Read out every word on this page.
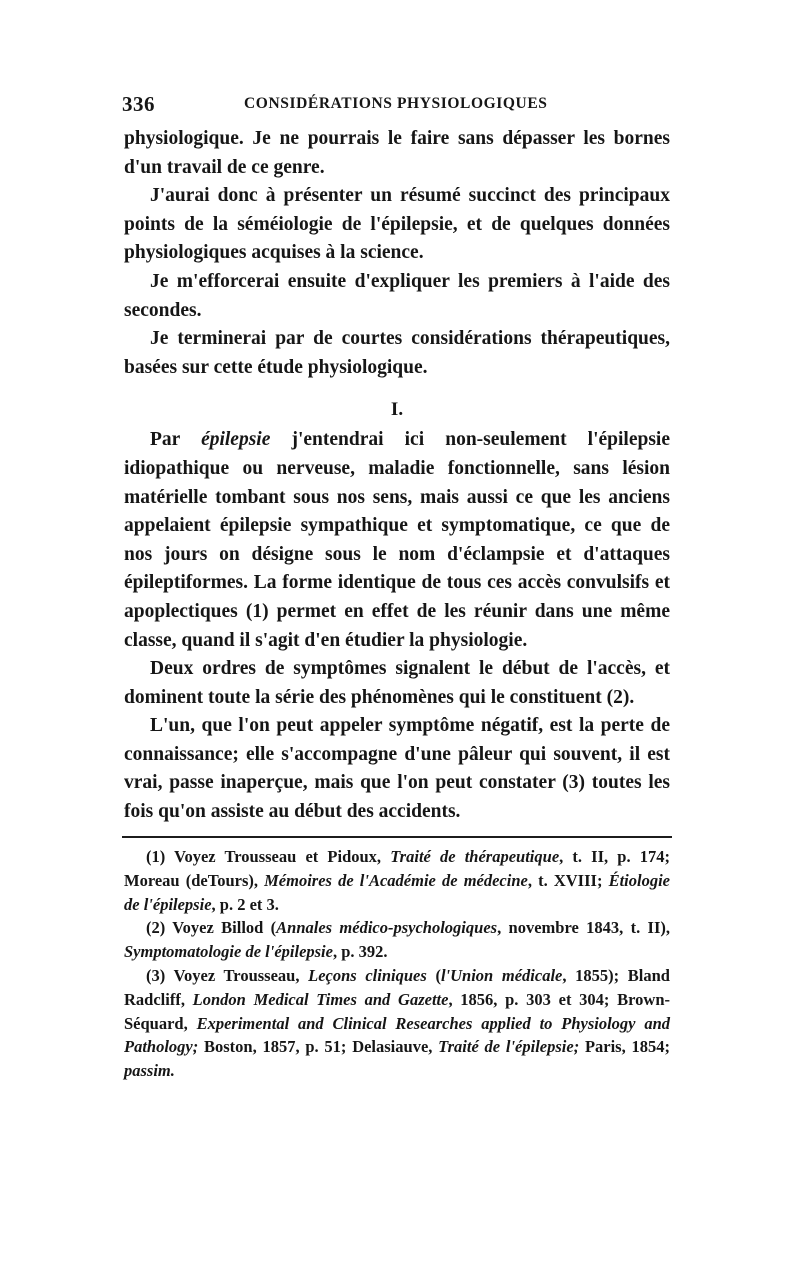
336	CONSIDÉRATIONS PHYSIOLOGIQUES

physiologique. Je ne pourrais le faire sans dépasser les bornes d'un travail de ce genre.

J'aurai donc à présenter un résumé succinct des principaux points de la séméiologie de l'épilepsie, et de quelques données physiologiques acquises à la science.

Je m'efforcerai ensuite d'expliquer les premiers à l'aide des secondes.

Je terminerai par de courtes considérations thérapeutiques, basées sur cette étude physiologique.

I.

Par épilepsie j'entendrai ici non-seulement l'épilepsie idiopathique ou nerveuse, maladie fonctionnelle, sans lésion matérielle tombant sous nos sens, mais aussi ce que les anciens appelaient épilepsie sympathique et symptomatique, ce que de nos jours on désigne sous le nom d'éclampsie et d'attaques épileptiformes. La forme identique de tous ces accès convulsifs et apoplectiques (1) permet en effet de les réunir dans une même classe, quand il s'agit d'en étudier la physiologie.

Deux ordres de symptômes signalent le début de l'accès, et dominent toute la série des phénomènes qui le constituent (2).

L'un, que l'on peut appeler symptôme négatif, est la perte de connaissance; elle s'accompagne d'une pâleur qui souvent, il est vrai, passe inaperçue, mais que l'on peut constater (3) toutes les fois qu'on assiste au début des accidents.

(1) Voyez Trousseau et Pidoux, Traité de thérapeutique, t. II, p. 174; Moreau (deTours), Mémoires de l'Académie de médecine, t. XVIII; Étiologie de l'épilepsie, p. 2 et 3.

(2) Voyez Billod (Annales médico-psychologiques, novembre 1843, t. II), Symptomatologie de l'épilepsie, p. 392.

(3) Voyez Trousseau, Leçons cliniques (l'Union médicale, 1855); Bland Radcliff, London Medical Times and Gazette, 1856, p. 303 et 304; Brown-Séquard, Experimental and Clinical Researches applied to Physiology and Pathology; Boston, 1857, p. 51; Delasiauve, Traité de l'épilepsie; Paris, 1854; passim.
